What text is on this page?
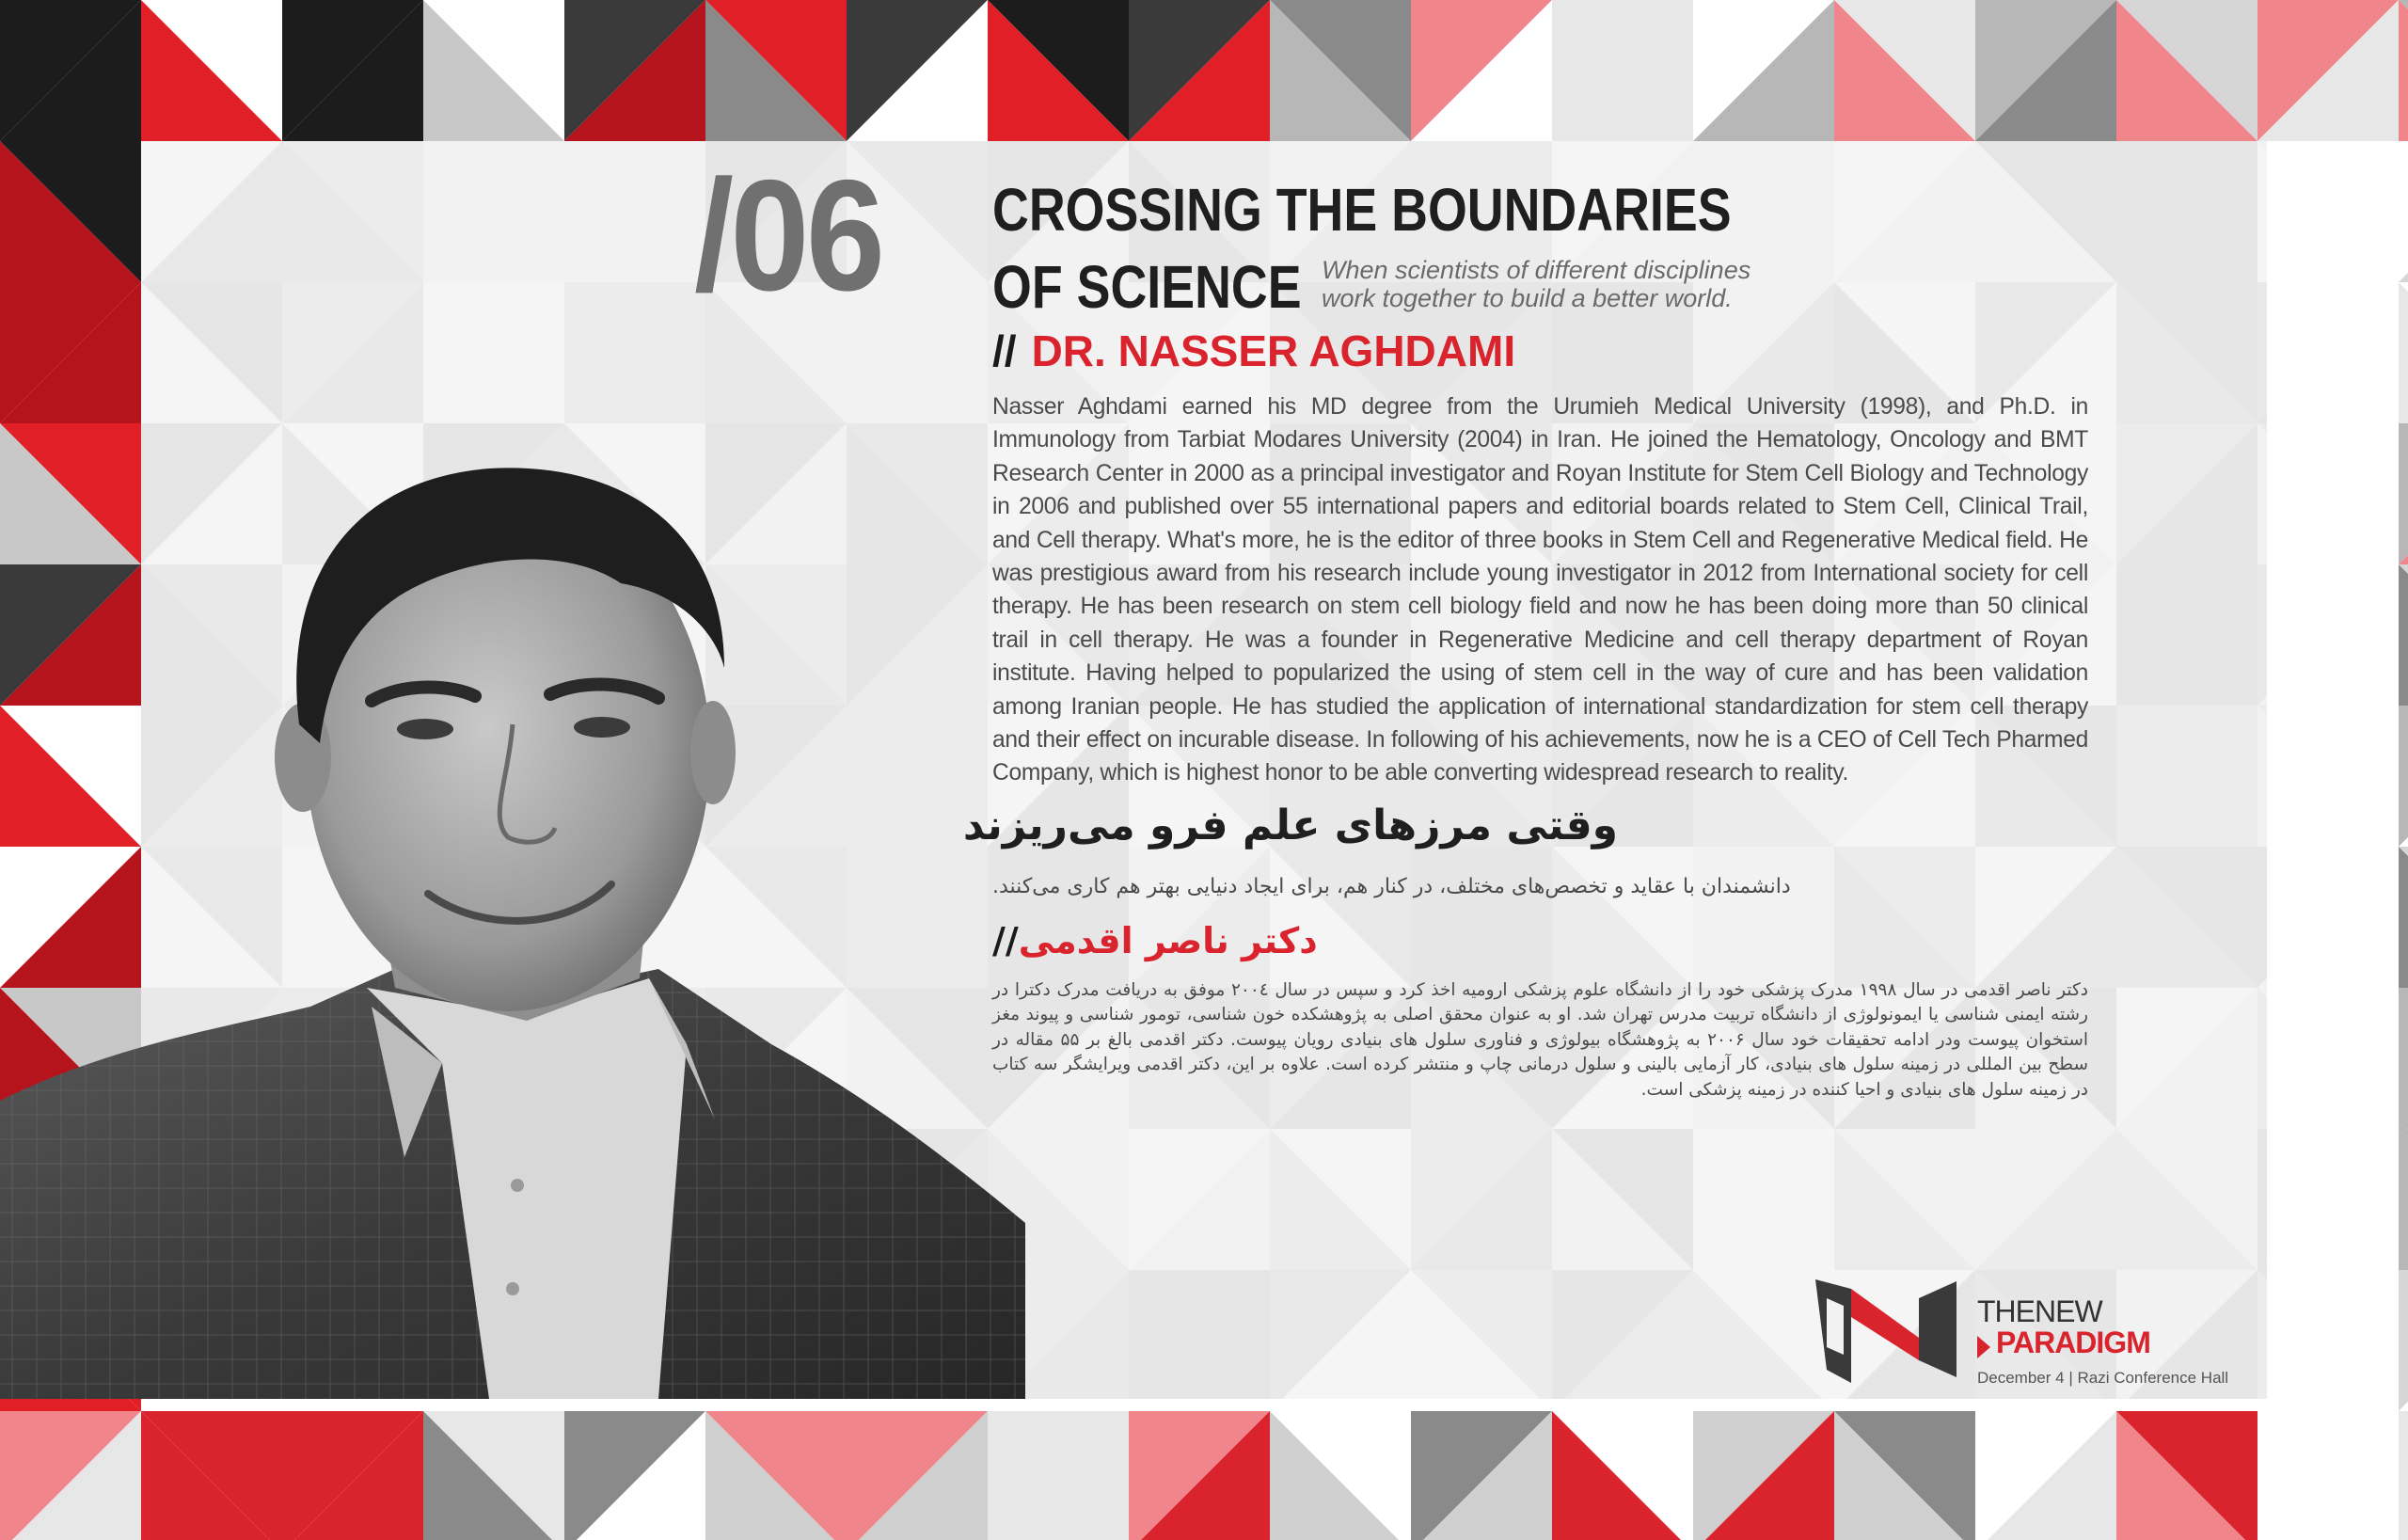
/06 CROSSING THE BOUNDARIES
OF SCIENCE When scientists of different disciplines
work together to build a better world.
// DR. NASSER AGHDAMI
Nasser Aghdami earned his MD degree from the Urumieh Medical University (1998), and Ph.D. in Immunology from Tarbiat Modares University (2004) in Iran. He joined the Hematology, Oncology and BMT Research Center in 2000 as a principal investigator and Royan Institute for Stem Cell Biology and Technology in 2006 and published over 55 international papers and editorial boards related to Stem Cell, Clinical Trail, and Cell therapy. What's more, he is the editor of three books in Stem Cell and Regenerative Medical field. He was prestigious award from his research include young investigator in 2012 from International society for cell therapy. He has been research on stem cell biology field and now he has been doing more than 50 clinical trail in cell therapy. He was a founder in Regenerative Medicine and cell therapy department of Royan institute. Having helped to popularized the using of stem cell in the way of cure and has been validation among Iranian people. He has studied the application of international standardization for stem cell therapy and their effect on incurable disease. In following of his achievements, now he is a CEO of Cell Tech Pharmed Company, which is highest honor to be able converting widespread research to reality.
وقتی مرزهای علم فرو می‌ریزند
دانشمندان با عقاید و تخصص‌های مختلف، در کنار هم، برای ایجاد دنیایی بهتر هم کاری می‌کنند.
دکتر ناصر اقدمی//
دکتر ناصر اقدمی در سال ۱۹۹۸ مدرک پزشکی خود را از دانشگاه علوم پزشکی ارومیه اخذ کرد و سپس در سال ۲۰۰٤ موفق به دریافت مدرک دکترا در رشته ایمنی شناسی یا ایمونولوژی از دانشگاه تربیت مدرس تهران شد. او به عنوان محقق اصلی به پژوهشکده خون شناسی، تومور شناسی و پیوند مغز استخوان پیوست ودر ادامه تحقیقات خود سال ۲۰۰۶ به پژوهشگاه بیولوژی و فناوری سلول های بنیادی رویان پیوست. دکتر اقدمی بالغ بر ۵۵ مقاله در سطح بین المللی در زمینه سلول های بنیادی، کار آزمایی بالینی و سلول درمانی چاپ و منتشر کرده است. علاوه بر این، دکتر اقدمی ویرایشگر سه کتاب در زمینه سلول های بنیادی و احیا کننده در زمینه پزشکی است.
THENEW
PARADIGM
December 4 | Razi Conference Hall
